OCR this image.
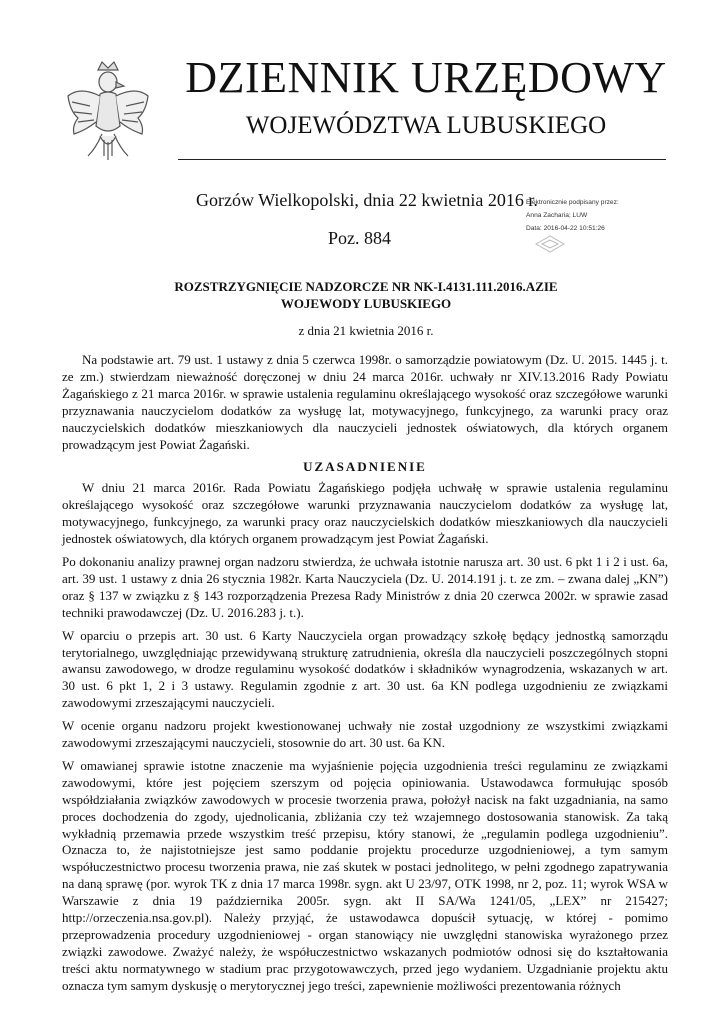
DZIENNIK URZĘDOWY
WOJEWÓDZTWA LUBUSKIEGO
Gorzów Wielkopolski, dnia 22 kwietnia 2016 r.
Poz. 884
Elektronicznie podpisany przez:
Anna Zacharia; LUW
Data: 2016-04-22 10:51:26
ROZSTRZYGNIĘCIE NADZORCZE NR NK-I.4131.111.2016.AZIE
WOJEWODY LUBUSKIEGO
z dnia 21 kwietnia 2016 r.

Na podstawie art. 79 ust. 1 ustawy z dnia 5 czerwca 1998r. o samorządzie powiatowym (Dz. U. 2015. 1445 j. t. ze zm.) stwierdzam nieważność doręczonej w dniu 24 marca 2016r. uchwały nr XIV.13.2016 Rady Powiatu Żagańskiego z 21 marca 2016r. w sprawie ustalenia regulaminu określającego wysokość oraz szczegółowe warunki przyznawania nauczycielom dodatków za wysługę lat, motywacyjnego, funkcyjnego, za warunki pracy oraz nauczycielskich dodatków mieszkaniowych dla nauczycieli jednostek oświatowych, dla których organem prowadzącym jest Powiat Żagański.

UZASADNIENIE

W dniu 21 marca 2016r. Rada Powiatu Żagańskiego podjęła uchwałę w sprawie ustalenia regulaminu określającego wysokość oraz szczegółowe warunki przyznawania nauczycielom dodatków za wysługę lat, motywacyjnego, funkcyjnego, za warunki pracy oraz nauczycielskich dodatków mieszkaniowych dla nauczycieli jednostek oświatowych, dla których organem prowadzącym jest Powiat Żagański.

Po dokonaniu analizy prawnej organ nadzoru stwierdza, że uchwała istotnie narusza art. 30 ust. 6 pkt 1 i 2 i ust. 6a, art. 39 ust. 1 ustawy z dnia 26 stycznia 1982r. Karta Nauczyciela (Dz. U. 2014.191 j. t. ze zm. – zwana dalej „KN”) oraz § 137 w związku z § 143 rozporządzenia Prezesa Rady Ministrów z dnia 20 czerwca 2002r. w sprawie zasad techniki prawodawczej (Dz. U. 2016.283 j. t.).

W oparciu o przepis art. 30 ust. 6 Karty Nauczyciela organ prowadzący szkołę będący jednostką samorządu terytorialnego, uwzględniając przewidywaną strukturę zatrudnienia, określa dla nauczycieli poszczególnych stopni awansu zawodowego, w drodze regulaminu wysokość dodatków i składników wynagrodzenia, wskazanych w art. 30 ust. 6 pkt 1, 2 i 3 ustawy. Regulamin zgodnie z art. 30 ust. 6a KN podlega uzgodnieniu ze związkami zawodowymi zrzeszającymi nauczycieli.

W ocenie organu nadzoru projekt kwestionowanej uchwały nie został uzgodniony ze wszystkimi związkami zawodowymi zrzeszającymi nauczycieli, stosownie do art. 30 ust. 6a KN.

W omawianej sprawie istotne znaczenie ma wyjaśnienie pojęcia uzgodnienia treści regulaminu ze związkami zawodowymi, które jest pojęciem szerszym od pojęcia opiniowania. Ustawodawca formułując sposób współdziałania związków zawodowych w procesie tworzenia prawa, położył nacisk na fakt uzgadniania, na samo proces dochodzenia do zgody, ujednolicania, zbliżania czy też wzajemnego dostosowania stanowisk. Za taką wykładnią przemawia przede wszystkim treść przepisu, który stanowi, że „regulamin podlega uzgodnieniu”. Oznacza to, że najistotniejsze jest samo poddanie projektu procedurze uzgodnieniowej, a tym samym współuczestnictwo procesu tworzenia prawa, nie zaś skutek w postaci jednolitego, w pełni zgodnego zapatrywania na daną sprawę (por. wyrok TK z dnia 17 marca 1998r. sygn. akt U 23/97, OTK 1998, nr 2, poz. 11; wyrok WSA w Warszawie z dnia 19 października 2005r. sygn. akt II SA/Wa 1241/05, „LEX” nr 215427; http://orzeczenia.nsa.gov.pl). Należy przyjąć, że ustawodawca dopuścił sytuację, w której - pomimo przeprowadzenia procedury uzgodnieniowej - organ stanowiący nie uwzględni stanowiska wyrażonego przez związki zawodowe. Zważyć należy, że współuczestnictwo wskazanych podmiotów odnosi się do kształtowania treści aktu normatywnego w stadium prac przygotowawczych, przed jego wydaniem. Uzgadnianie projektu aktu oznacza tym samym dyskusję o merytorycznej jego treści, zapewnienie możliwości prezentowania różnych
